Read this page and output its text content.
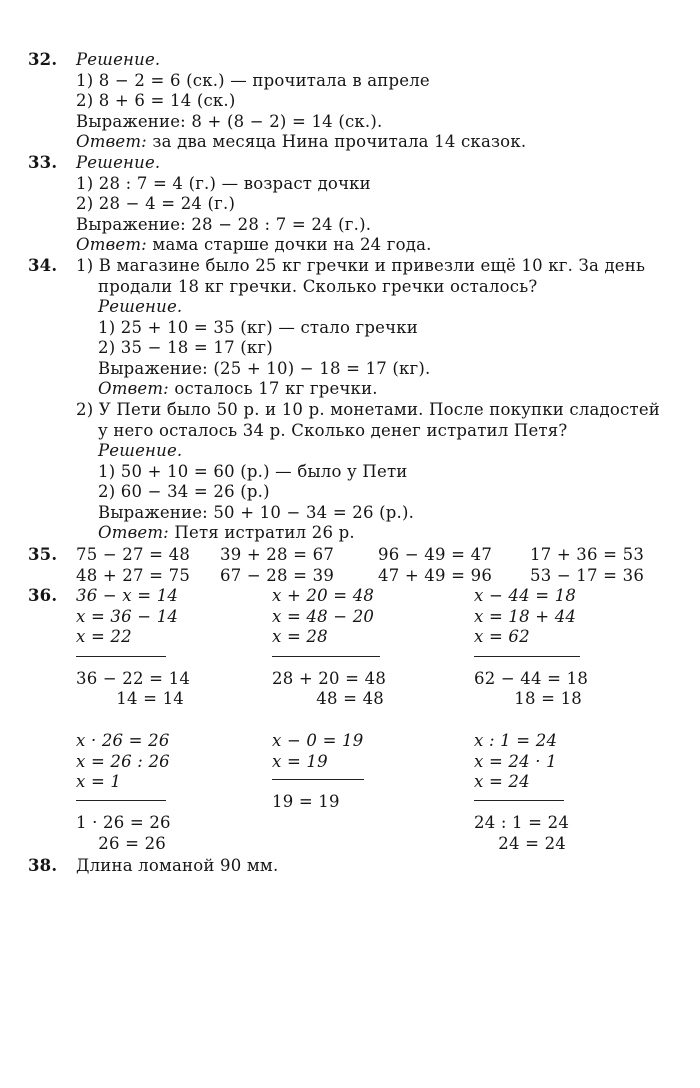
32. Решение.
1) 8 − 2 = 6 (ск.) — прочитала в апреле
2) 8 + 6 = 14 (ск.)
Выражение: 8 + (8 − 2) = 14 (ск.).
Ответ: за два месяца Нина прочитала 14 сказок.
33. Решение.
1) 28 : 7 = 4 (г.) — возраст дочки
2) 28 − 4 = 24 (г.)
Выражение: 28 − 28 : 7 = 24 (г.).
Ответ: мама старше дочки на 24 года.
34. 1) В магазине было 25 кг гречки и привезли ещё 10 кг. За день
продали 18 кг гречки. Сколько гречки осталось?
Решение.
1) 25 + 10 = 35 (кг) — стало гречки
2) 35 − 18 = 17 (кг)
Выражение: (25 + 10) − 18 = 17 (кг).
Ответ: осталось 17 кг гречки.
2) У Пети было 50 р. и 10 р. монетами. После покупки сладостей
у него осталось 34 р. Сколько денег истратил Петя?
Решение.
1) 50 + 10 = 60 (р.) — было у Пети
2) 60 − 34 = 26 (р.)
Выражение: 50 + 10 − 34 = 26 (р.).
Ответ: Петя истратил 26 р.
35. 75 − 27 = 48 39 + 28 = 67	96 − 49 = 47 17 + 36 = 53
48 + 27 = 75 67 − 28 = 39	47 + 49 = 96 53 − 17 = 36
36. 36 − x = 14
x = 36 − 14
x = 22
36 − 22 = 14
14 = 14
x + 20 = 48
x = 48 − 20
x = 28
28 + 20 = 48
48 = 48
x − 44 = 18
x = 18 + 44
x = 62
62 − 44 = 18
18 = 18
x · 26 = 26
x = 26 : 26
x = 1
1 · 26 = 26
26 = 26
x − 0 = 19
x = 19
19 = 19
x : 1 = 24
x = 24 · 1
x = 24
24 : 1 = 24
24 = 24
38. Длина ломаной 90 мм.
